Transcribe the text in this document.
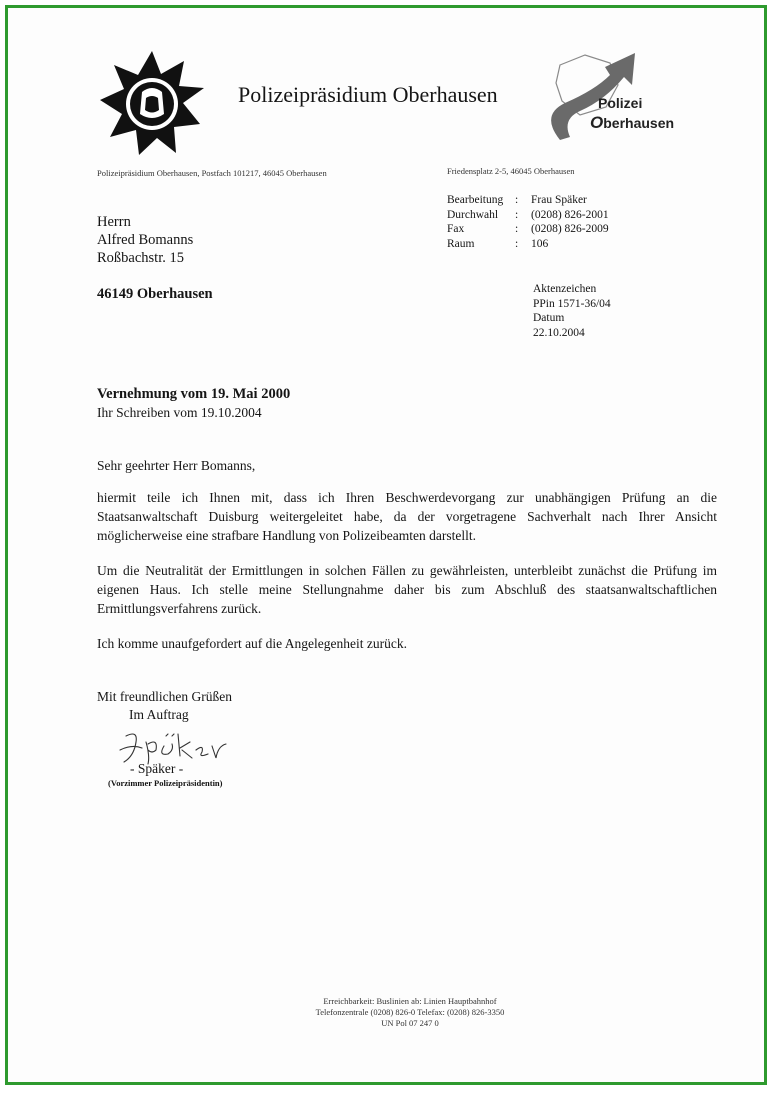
Polizeipräsidium Oberhausen	Polizei
Oberhausen
Polizeipräsidium Oberhausen, Postfach 101217, 46045 Oberhausen	Friedensplatz 2-5, 46045 Oberhausen
Bearbeitung : Frau Späker
Durchwahl : (0208) 826-2001
Fax	: (0208) 826-2009
Raum	: 106
Aktenzeichen
PPin 1571-36/04
Datum
22.10.2004
Herrn
Alfred Bomanns
Roßbachstr. 15
46149 Oberhausen
Vernehmung vom 19. Mai 2000
Ihr Schreiben vom 19.10.2004
Sehr geehrter Herr Bomanns,
hiermit teile ich Ihnen mit, dass ich Ihren Beschwerdevorgang zur unabhängigen Prüfung an die Staatsanwaltschaft Duisburg weitergeleitet habe, da der vorgetragene Sachverhalt nach Ihrer Ansicht möglicherweise eine strafbare Handlung von Polizeibeamten darstellt.
Um die Neutralität der Ermittlungen in solchen Fällen zu gewährleisten, unterbleibt zunächst die Prüfung im eigenen Haus. Ich stelle meine Stellungnahme daher bis zum Abschluß des staatsanwaltschaftlichen Ermittlungsverfahrens zurück.
Ich komme unaufgefordert auf die Angelegenheit zurück.
Mit freundlichen Grüßen
Im Auftrag
- Späker -
(Vorzimmer Polizeipräsidentin)
Erreichbarkeit: Buslinien ab: Linien Hauptbahnhof
Telefonzentrale (0208) 826-0 Telefax: (0208) 826-3350
UN Pol 07 247 0
